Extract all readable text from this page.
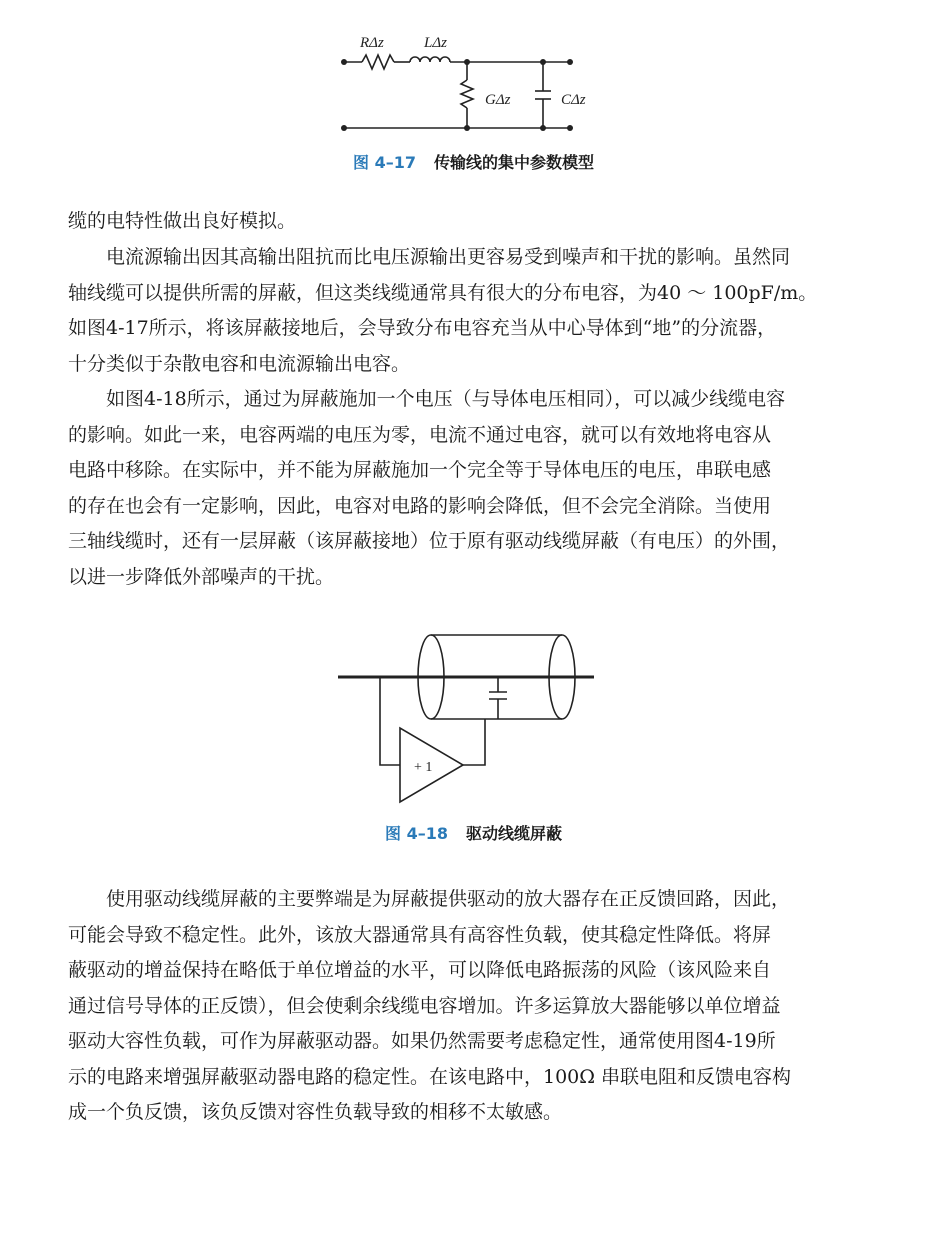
RΔz	LΔz
GΔz	CΔz
图 4–17 传输线的集中参数模型
缆的电特性做出良好模拟。
电流源输出因其高输出阻抗而比电压源输出更容易受到噪声和干扰的影响。虽然同
轴线缆可以提供所需的屏蔽，但这类线缆通常具有很大的分布电容，为40 ～ 100pF/m。
如图4-17所示，将该屏蔽接地后，会导致分布电容充当从中心导体到“地”的分流器，
十分类似于杂散电容和电流源输出电容。
如图4-18所示，通过为屏蔽施加一个电压（与导体电压相同），可以减少线缆电容
的影响。如此一来，电容两端的电压为零，电流不通过电容，就可以有效地将电容从
电路中移除。在实际中，并不能为屏蔽施加一个完全等于导体电压的电压，串联电感
的存在也会有一定影响，因此，电容对电路的影响会降低，但不会完全消除。当使用
三轴线缆时，还有一层屏蔽（该屏蔽接地）位于原有驱动线缆屏蔽（有电压）的外围，
以进一步降低外部噪声的干扰。
+ 1
图 4–18 驱动线缆屏蔽
使用驱动线缆屏蔽的主要弊端是为屏蔽提供驱动的放大器存在正反馈回路，因此，
可能会导致不稳定性。此外，该放大器通常具有高容性负载，使其稳定性降低。将屏
蔽驱动的增益保持在略低于单位增益的水平，可以降低电路振荡的风险（该风险来自
通过信号导体的正反馈），但会使剩余线缆电容增加。许多运算放大器能够以单位增益
驱动大容性负载，可作为屏蔽驱动器。如果仍然需要考虑稳定性，通常使用图4-19所
示的电路来增强屏蔽驱动器电路的稳定性。在该电路中，100Ω 串联电阻和反馈电容构
成一个负反馈，该负反馈对容性负载导致的相移不太敏感。
